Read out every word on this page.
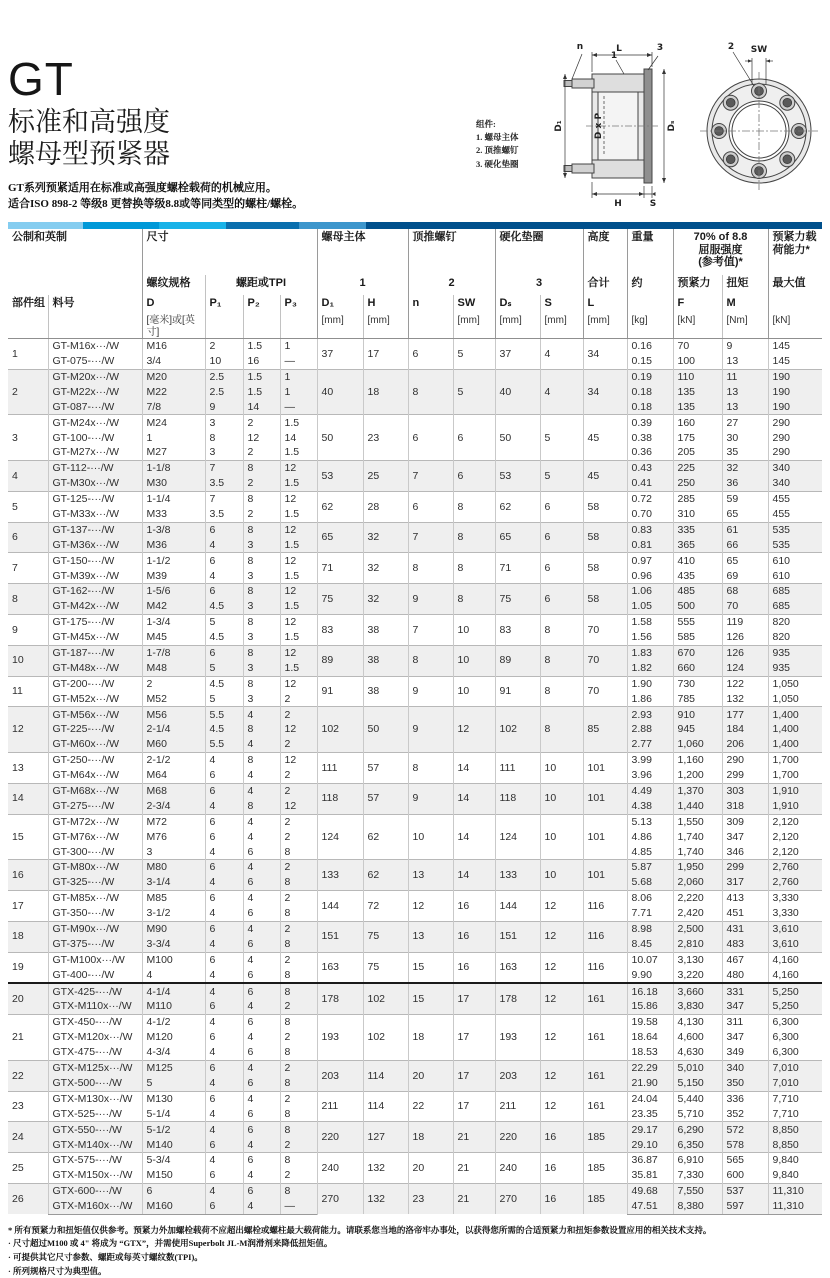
GT
标准和高强度
螺母型预紧器
GT系列预紧适用在标准或高强度螺栓载荷的机械应用。
适合ISO 898-2 等级8 更替换等级8.8或等同类型的螺柱/螺栓。
组件:
1. 螺母主体
2. 顶推螺钉
3. 硬化垫圈
L
n
1
3
D₁	D x P	Dₛ
H	S
2 SW
公制和英制	尺寸	螺母主体	顶推螺钉	硬化垫圈	高度	重量	70% of 8.8
屈服强度
(参考值)*

预紧力载
荷能力*

		螺纹规格	螺距或TPI			1		2		3		合计	约	预紧力	扭矩	最大值
部件组	料号	D	P₁	P₂	P₃	D₁	H	n	SW	Dₛ	S	L		F	M	
		[毫米]或[英寸]				[mm]	[mm]		[mm]	[mm]	[mm]	[mm]	[kg]	[kN]	[Nm]	[kN]
1	GT-M16x···/W	M16	2	1.5	1	37	17	6	5	37	4	34	0.16	70	9	145
	GT-075-···/W	3/4	10	16	—								0.15	100	13	145
2	GT-M20x···/W	M20	2.5	1.5	1	40	18	8	5	40	4	34	0.19	110	11	190
	GT-M22x···/W	M22	2.5	1.5	1								0.18	135	13	190
	GT-087-···/W	7/8	9	14	—								0.18	135	13	190
3	GT-M24x···/W	M24	3	2	1.5	50	23	6	6	50	5	45	0.39	160	27	290
	GT-100-···/W	1	8	12	14								0.38	175	30	290
	GT-M27x···/W	M27	3	2	1.5								0.36	205	35	290
4	GT-112-···/W	1-1/8	7	8	12	53	25	7	6	53	5	45	0.43	225	32	340
	GT-M30x···/W	M30	3.5	2	1.5								0.41	250	36	340
5	GT-125-···/W	1-1/4	7	8	12	62	28	6	8	62	6	58	0.72	285	59	455
	GT-M33x···/W	M33	3.5	2	1.5								0.70	310	65	455
6	GT-137-···/W	1-3/8	6	8	12	65	32	7	8	65	6	58	0.83	335	61	535
	GT-M36x···/W	M36	4	3	1.5								0.81	365	66	535
7	GT-150-···/W	1-1/2	6	8	12	71	32	8	8	71	6	58	0.97	410	65	610
	GT-M39x···/W	M39	4	3	1.5								0.96	435	69	610
8	GT-162-···/W	1-5/6	6	8	12	75	32	9	8	75	6	58	1.06	485	68	685
	GT-M42x···/W	M42	4.5	3	1.5								1.05	500	70	685
9	GT-175-···/W	1-3/4	5	8	12	83	38	7	10	83	8	70	1.58	555	119	820
	GT-M45x···/W	M45	4.5	3	1.5								1.56	585	126	820
10	GT-187-···/W	1-7/8	6	8	12	89	38	8	10	89	8	70	1.83	670	126	935
	GT-M48x···/W	M48	5	3	1.5								1.82	660	124	935
11	GT-200-···/W	2	4.5	8	12	91	38	9	10	91	8	70	1.90	730	122	1,050
	GT-M52x···/W	M52	5	3	2								1.86	785	132	1,050
12	GT-M56x···/W	M56	5.5	4	2	102	50	9	12	102	8	85	2.93	910	177	1,400
	GT-225-···/W	2-1/4	4.5	8	12								2.88	945	184	1,400
	GT-M60x···/W	M60	5.5	4	2								2.77	1,060	206	1,400
13	GT-250-···/W	2-1/2	4	8	12	111	57	8	14	111	10	101	3.99	1,160	290	1,700
	GT-M64x···/W	M64	6	4	2								3.96	1,200	299	1,700
14	GT-M68x···/W	M68	6	4	2	118	57	9	14	118	10	101	4.49	1,370	303	1,910
	GT-275-···/W	2-3/4	4	8	12								4.38	1,440	318	1,910
15	GT-M72x···/W	M72	6	4	2	124	62	10	14	124	10	101	5.13	1,550	309	2,120
	GT-M76x···/W	M76	6	4	2								4.86	1,740	347	2,120
	GT-300-···/W	3	4	6	8								4.85	1,740	346	2,120
16	GT-M80x···/W	M80	6	4	2	133	62	13	14	133	10	101	5.87	1,950	299	2,760
	GT-325-···/W	3-1/4	4	6	8								5.68	2,060	317	2,760
17	GT-M85x···/W	M85	6	4	2	144	72	12	16	144	12	116	8.06	2,220	413	3,330
	GT-350-···/W	3-1/2	4	6	8								7.71	2,420	451	3,330
18	GT-M90x···/W	M90	6	4	2	151	75	13	16	151	12	116	8.98	2,500	431	3,610
	GT-375-···/W	3-3/4	4	6	8								8.45	2,810	483	3,610
19	GT-M100x···/W	M100	6	4	2	163	75	15	16	163	12	116	10.07	3,130	467	4,160
	GT-400-···/W	4	4	6	8								9.90	3,220	480	4,160
20	GTX-425-···/W	4-1/4	4	6	8	178	102	15	17	178	12	161	16.18	3,660	331	5,250
	GTX-M110x···/W	M110	6	4	2								15.86	3,830	347	5,250
21	GTX-450-···/W	4-1/2	4	6	8	193	102	18	17	193	12	161	19.58	4,130	311	6,300
	GTX-M120x···/W	M120	6	4	2								18.64	4,600	347	6,300
	GTX-475-···/W	4-3/4	4	6	8								18.53	4,630	349	6,300
22	GTX-M125x···/W	M125	6	4	2	203	114	20	17	203	12	161	22.29	5,010	340	7,010
	GTX-500-···/W	5	4	6	8								21.90	5,150	350	7,010
23	GTX-M130x···/W	M130	6	4	2	211	114	22	17	211	12	161	24.04	5,440	336	7,710
	GTX-525-···/W	5-1/4	4	6	8								23.35	5,710	352	7,710
24	GTX-550-···/W	5-1/2	4	6	8	220	127	18	21	220	16	185	29.17	6,290	572	8,850
	GTX-M140x···/W	M140	6	4	2								29.10	6,350	578	8,850
25	GTX-575-···/W	5-3/4	4	6	8	240	132	20	21	240	16	185	36.87	6,910	565	9,840
	GTX-M150x···/W	M150	6	4	2								35.81	7,330	600	9,840
26	GTX-600-···/W	6	4	6	8	270	132	23	21	270	16	185	49.68	7,550	537	11,310
	GTX-M160x···/W	M160	6	4	—								47.51	8,380	597	11,310
* 所有预紧力和扭矩值仅供参考。预紧力外加螺栓载荷不应超出螺栓或螺柱最大载荷能力。请联系您当地的洛帝牢办事处，以获得您所需的合适预紧力和扭矩参数设置应用的相关技术支持。
· 尺寸超过M100 或 4" 将成为 “GTX”，并需使用Superbolt JL-M润滑剂来降低扭矩值。
· 可提供其它尺寸参数、螺距或每英寸螺纹数(TPI)。
· 所列规格尺寸为典型值。
